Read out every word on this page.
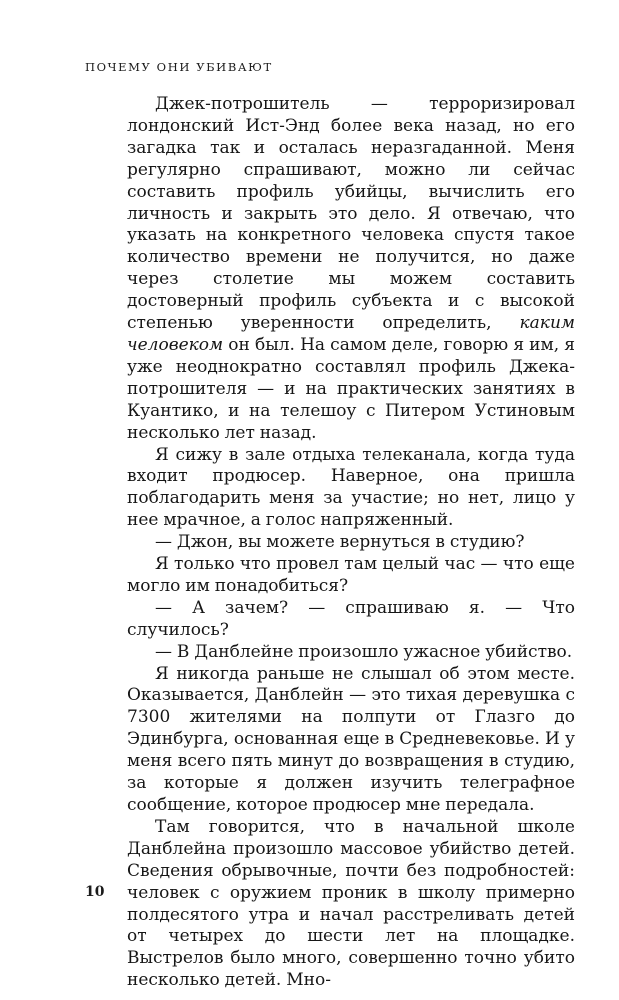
ПОЧЕМУ ОНИ УБИВАЮТ

Джек-потрошитель — терроризировал лондонский Ист-Энд более века назад, но его загадка так и осталась неразгаданной. Меня регулярно спрашивают, можно ли сейчас составить профиль убийцы, вычислить его личность и закрыть это дело. Я отвечаю, что указать на конкретного человека спустя такое количество времени не получится, но даже через столетие мы можем составить достоверный профиль субъекта и с высокой степенью уверенности определить, каким человеком он был. На самом деле, говорю я им, я уже неоднократно составлял профиль Джека-потрошителя — и на практических занятиях в Куантико, и на телешоу с Питером Устиновым несколько лет назад.

Я сижу в зале отдыха телеканала, когда туда входит продюсер. Наверное, она пришла поблагодарить меня за участие; но нет, лицо у нее мрачное, а голос напряженный.

— Джон, вы можете вернуться в студию?

Я только что провел там целый час — что еще могло им понадобиться?

— А зачем? — спрашиваю я. — Что случилось?

— В Данблейне произошло ужасное убийство.

Я никогда раньше не слышал об этом месте. Оказывается, Данблейн — это тихая деревушка с 7300 жителями на полпути от Глазго до Эдинбурга, основанная еще в Средневековье. И у меня всего пять минут до возвращения в студию, за которые я должен изучить телеграфное сообщение, которое продюсер мне передала.

Там говорится, что в начальной школе Данблейна произошло массовое убийство детей. Сведения обрывочные, почти без подробностей: человек с оружием проник в школу примерно полдесятого утра и начал расстреливать детей от четырех до шести лет на площадке. Выстрелов было много, совершенно точно убито несколько детей. Мно-

10
